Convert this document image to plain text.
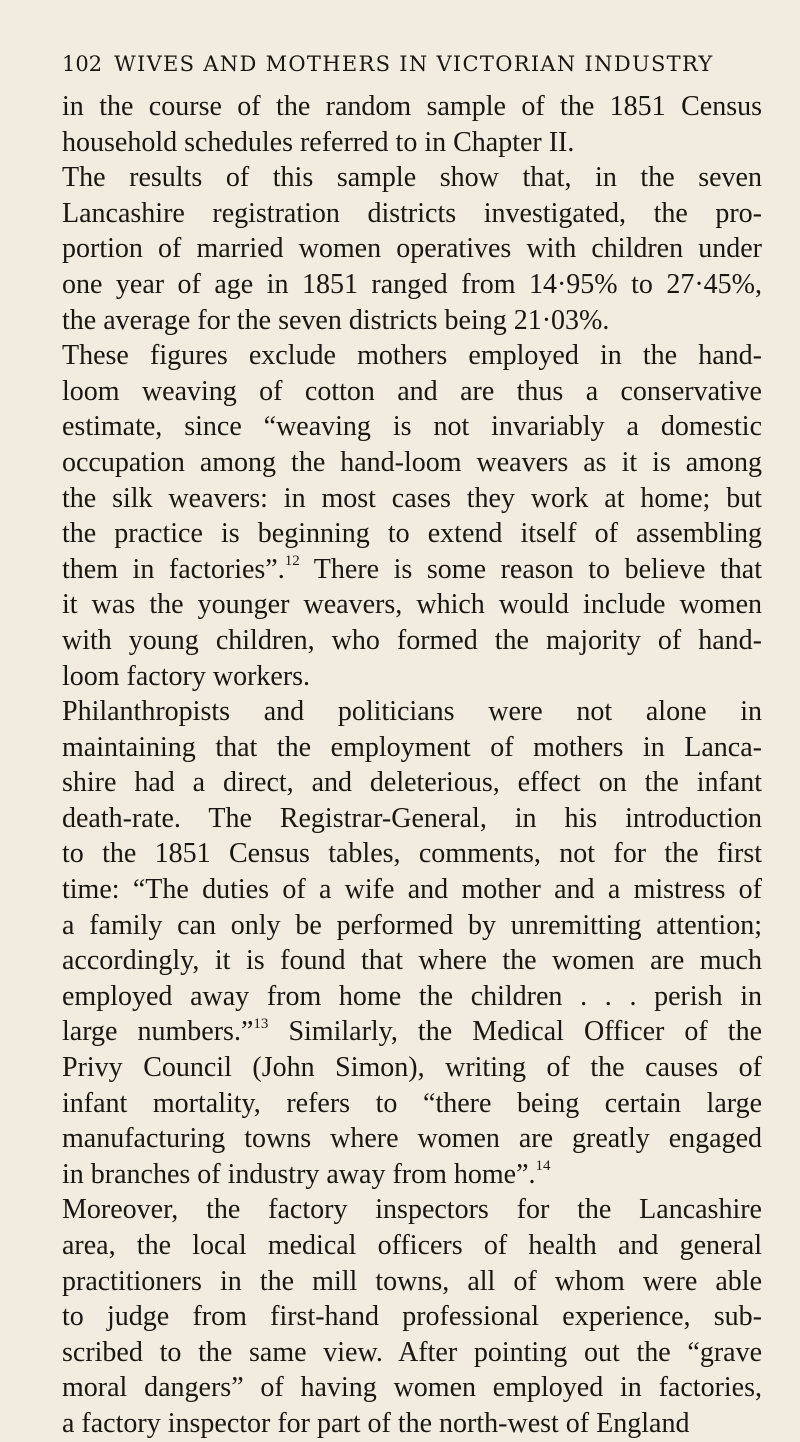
102 WIVES AND MOTHERS IN VICTORIAN INDUSTRY
in the course of the random sample of the 1851 Census
household schedules referred to in Chapter II.
The results of this sample show that, in the seven
Lancashire registration districts investigated, the pro-
portion of married women operatives with children under
one year of age in 1851 ranged from 14·95% to 27·45%,
the average for the seven districts being 21·03%.
These figures exclude mothers employed in the hand-
loom weaving of cotton and are thus a conservative
estimate, since “weaving is not invariably a domestic
occupation among the hand-loom weavers as it is among
the silk weavers: in most cases they work at home; but
the practice is beginning to extend itself of assembling
them in factories”.$^{12}$ There is some reason to believe that
it was the younger weavers, which would include women
with young children, who formed the majority of hand-
loom factory workers.
Philanthropists and politicians were not alone in
maintaining that the employment of mothers in Lanca-
shire had a direct, and deleterious, effect on the infant
death-rate. The Registrar-General, in his introduction
to the 1851 Census tables, comments, not for the first
time: “The duties of a wife and mother and a mistress of
a family can only be performed by unremitting attention;
accordingly, it is found that where the women are much
employed away from home the children . . . perish in
large numbers.”$^{13}$ Similarly, the Medical Officer of the
Privy Council (John Simon), writing of the causes of
infant mortality, refers to “there being certain large
manufacturing towns where women are greatly engaged
in branches of industry away from home”.$^{14}$
Moreover, the factory inspectors for the Lancashire
area, the local medical officers of health and general
practitioners in the mill towns, all of whom were able
to judge from first-hand professional experience, sub-
scribed to the same view. After pointing out the “grave
moral dangers” of having women employed in factories,
a factory inspector for part of the north-west of England
